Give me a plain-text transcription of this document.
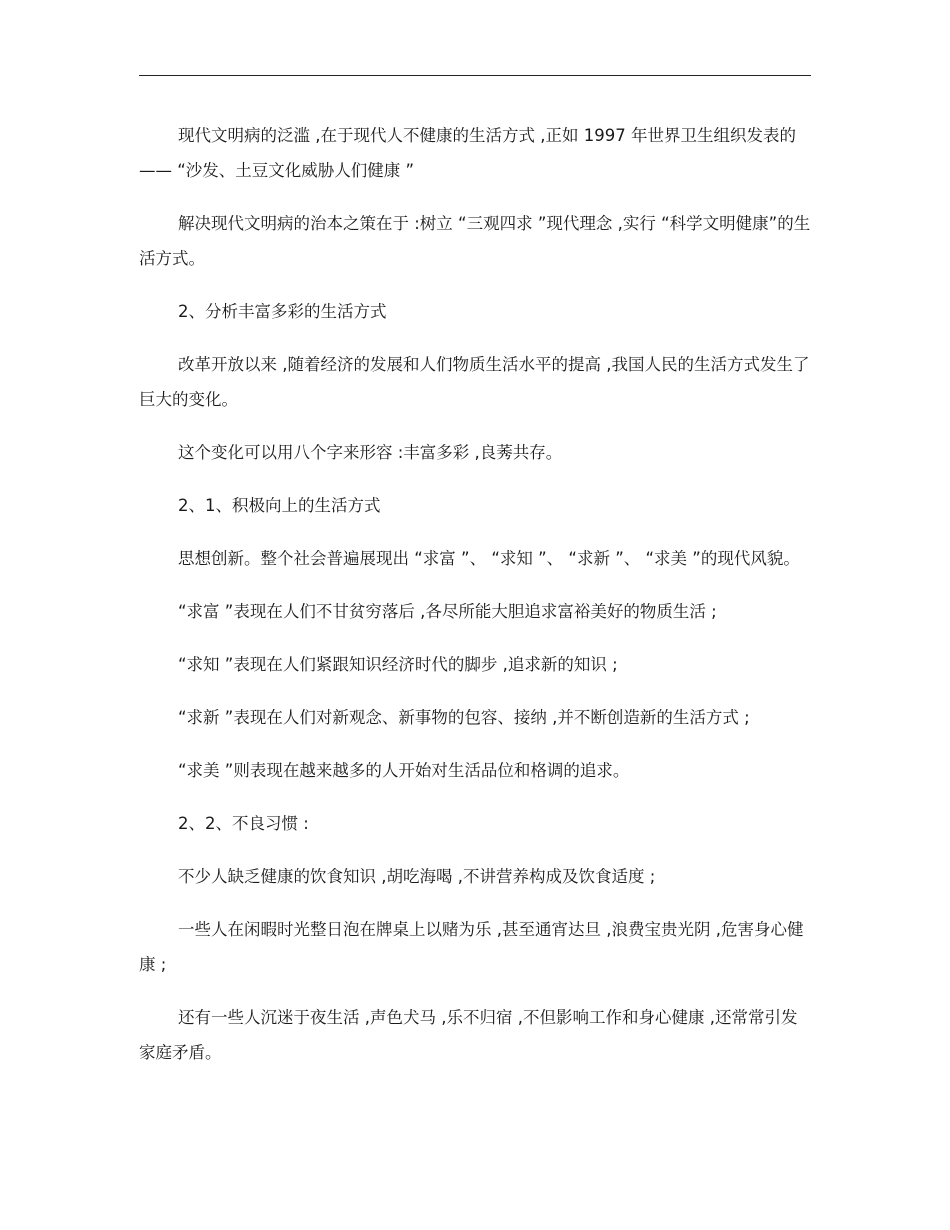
现代文明病的泛滥 ,在于现代人不健康的生活方式 ,正如 1997 年世界卫生组织发表的—— “沙发、土豆文化威胁人们健康 ”

解决现代文明病的治本之策在于 :树立 “三观四求 ”现代理念 ,实行 “科学文明健康”的生活方式。

2、分析丰富多彩的生活方式

改革开放以来 ,随着经济的发展和人们物质生活水平的提高 ,我国人民的生活方式发生了巨大的变化。

这个变化可以用八个字来形容 :丰富多彩 ,良莠共存。

2、1、积极向上的生活方式

思想创新。整个社会普遍展现出 “求富 ”、 “求知 ”、 “求新 ”、 “求美 ”的现代风貌。

“求富 ”表现在人们不甘贫穷落后 ,各尽所能大胆追求富裕美好的物质生活 ;

“求知 ”表现在人们紧跟知识经济时代的脚步 ,追求新的知识 ;

“求新 ”表现在人们对新观念、新事物的包容、接纳 ,并不断创造新的生活方式 ;

“求美 ”则表现在越来越多的人开始对生活品位和格调的追求。

2、2、不良习惯 :

不少人缺乏健康的饮食知识 ,胡吃海喝 ,不讲营养构成及饮食适度 ;

一些人在闲暇时光整日泡在牌桌上以赌为乐 ,甚至通宵达旦 ,浪费宝贵光阴 ,危害身心健康 ;

还有一些人沉迷于夜生活 ,声色犬马 ,乐不归宿 ,不但影响工作和身心健康 ,还常常引发家庭矛盾。
